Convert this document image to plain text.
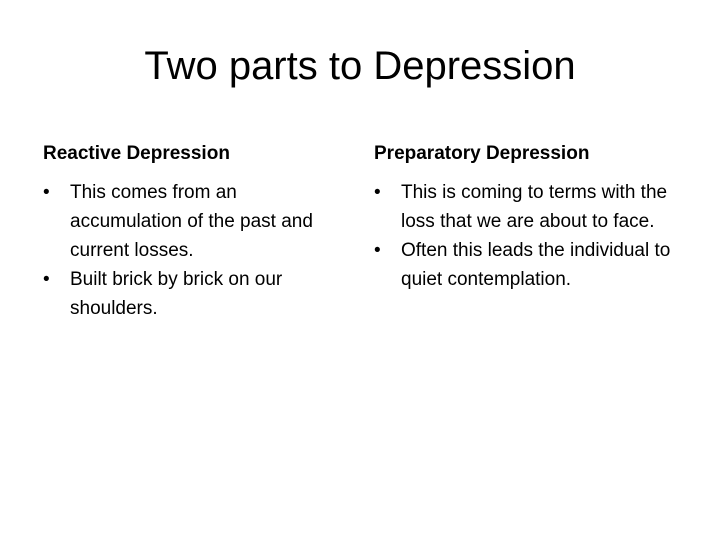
Two parts to Depression
Reactive Depression
•	This comes from an accumulation of the past and current losses.
•	Built brick by brick on our shoulders.
Preparatory Depression
•	This is coming to terms with the loss that we are about to face.
•	Often this leads the individual to quiet contemplation.
